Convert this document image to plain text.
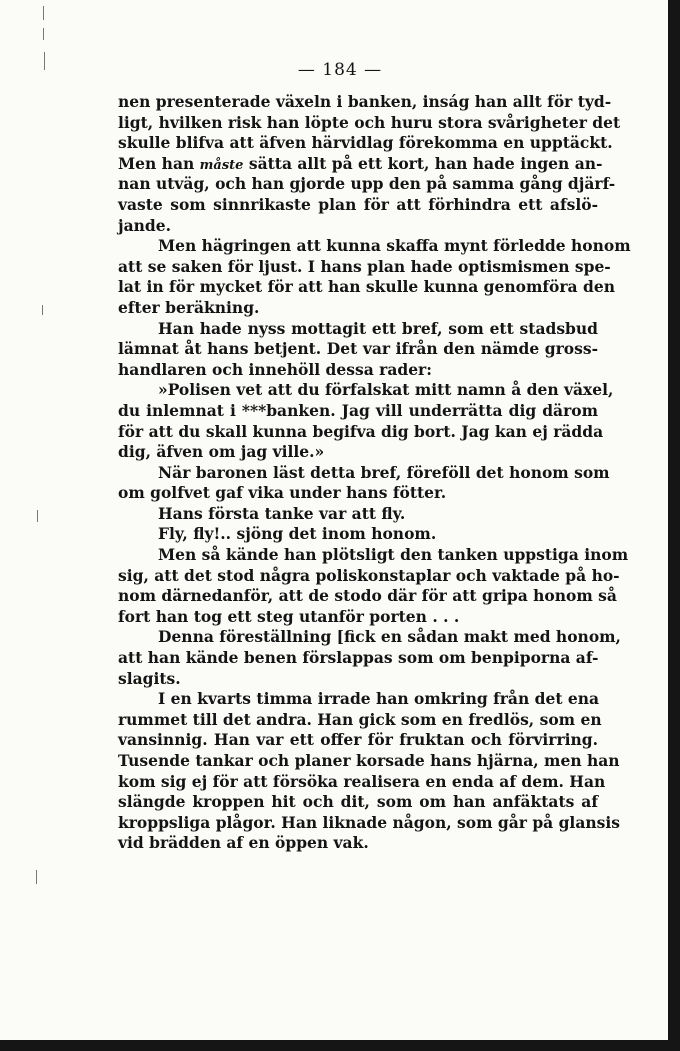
— 184 —
nen presenterade växeln i banken, inság han allt för tyd-
ligt, hvilken risk han löpte och huru stora svårigheter det
skulle blifva att äfven härvidlag förekomma en upptäckt.
Men han måste sätta allt på ett kort, han hade ingen an-
nan utväg, och han gjorde upp den på samma gång djärf-
vaste som sinnrikaste plan för att förhindra ett afslö-
jande.
Men hägringen att kunna skaffa mynt förledde honom
att se saken för ljust. I hans plan hade optismismen spe-
lat in för mycket för att han skulle kunna genomföra den
efter beräkning.
Han hade nyss mottagit ett bref, som ett stadsbud
lämnat åt hans betjent. Det var ifrån den nämde gross-
handlaren och innehöll dessa rader:
»Polisen vet att du förfalskat mitt namn å den växel,
du inlemnat i ***banken. Jag vill underrätta dig därom
för att du skall kunna begifva dig bort. Jag kan ej rädda
dig, äfven om jag ville.»
När baronen läst detta bref, föreföll det honom som
om golfvet gaf vika under hans fötter.
Hans första tanke var att fly.
Fly, fly!.. sjöng det inom honom.
Men så kände han plötsligt den tanken uppstiga inom
sig, att det stod några poliskonstaplar och vaktade på ho-
nom därnedanför, att de stodo där för att gripa honom så
fort han tog ett steg utanför porten . . .
Denna föreställning [fick en sådan makt med honom,
att han kände benen förslappas som om benpiporna af-
slagits.
I en kvarts timma irrade han omkring från det ena
rummet till det andra. Han gick som en fredlös, som en
vansinnig. Han var ett offer för fruktan och förvirring.
Tusende tankar och planer korsade hans hjärna, men han
kom sig ej för att försöka realisera en enda af dem. Han
slängde kroppen hit och dit, som om han anfäktats af
kroppsliga plågor. Han liknade någon, som går på glansis
vid brädden af en öppen vak.
